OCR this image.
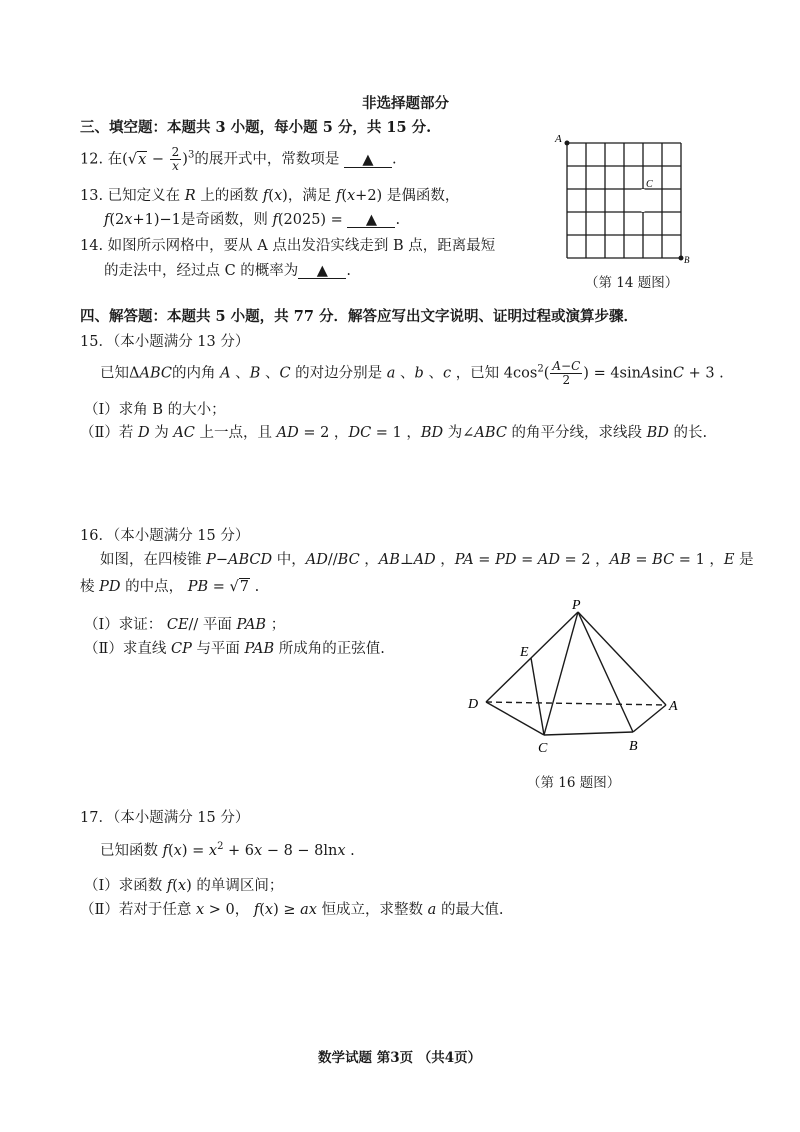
非选择题部分
三、填空题：本题共 3 小题，每小题 5 分，共 15 分.
12. 在$(√x - \frac{2}{x} )^3$的展开式中，常数项是 ▲ .
13. 已知定义在 R 上的函数 f(x)，满足 f(x+2) 是偶函数，
f(2x+1)−1是奇函数，则 f(2025) = ▲ .
14. 如图所示网格中，要从 A 点出发沿实线走到 B 点，距离最短
的走法中，经过点 C 的概率为 ▲ .
A
B
C
（第 14 题图）
四、解答题：本题共 5 小题，共 77 分．解答应写出文字说明、证明过程或演算步骤．
15．（本小题满分 13 分）
已知ΔABC的内角 A 、B 、C 的对边分别是 a 、b 、c ，已知 $4\cos^2( \frac{A-C}{2}$ ) = 4sinAsinC + 3 .
（Ⅰ）求角 B 的大小；
（Ⅱ）若 D 为 AC 上一点，且 AD = 2 ，DC = 1 ，BD 为∠ABC 的角平分线，求线段 BD 的长.
16．（本小题满分 15 分）
如图，在四棱锥 P−ABCD 中，AD//BC ，AB⊥AD ，PA = PD = AD = 2 ，AB = BC = 1 ，E 是
棱 PD 的中点， PB = √7 .
（Ⅰ）求证： CE// 平面 PAB ；
（Ⅱ）求直线 CP 与平面 PAB 所成角的正弦值.
P
E
D	A
C	B
（第 16 题图）
17．（本小题满分 15 分）
已知函数 $f(x) = x^2 + 6x - 8 - 8\ln x$ .
（Ⅰ）求函数 f(x) 的单调区间；
（Ⅱ）若对于任意 x > 0， f(x) ≥ ax 恒成立，求整数 a 的最大值.
数学试题 第3页 （共4页）
